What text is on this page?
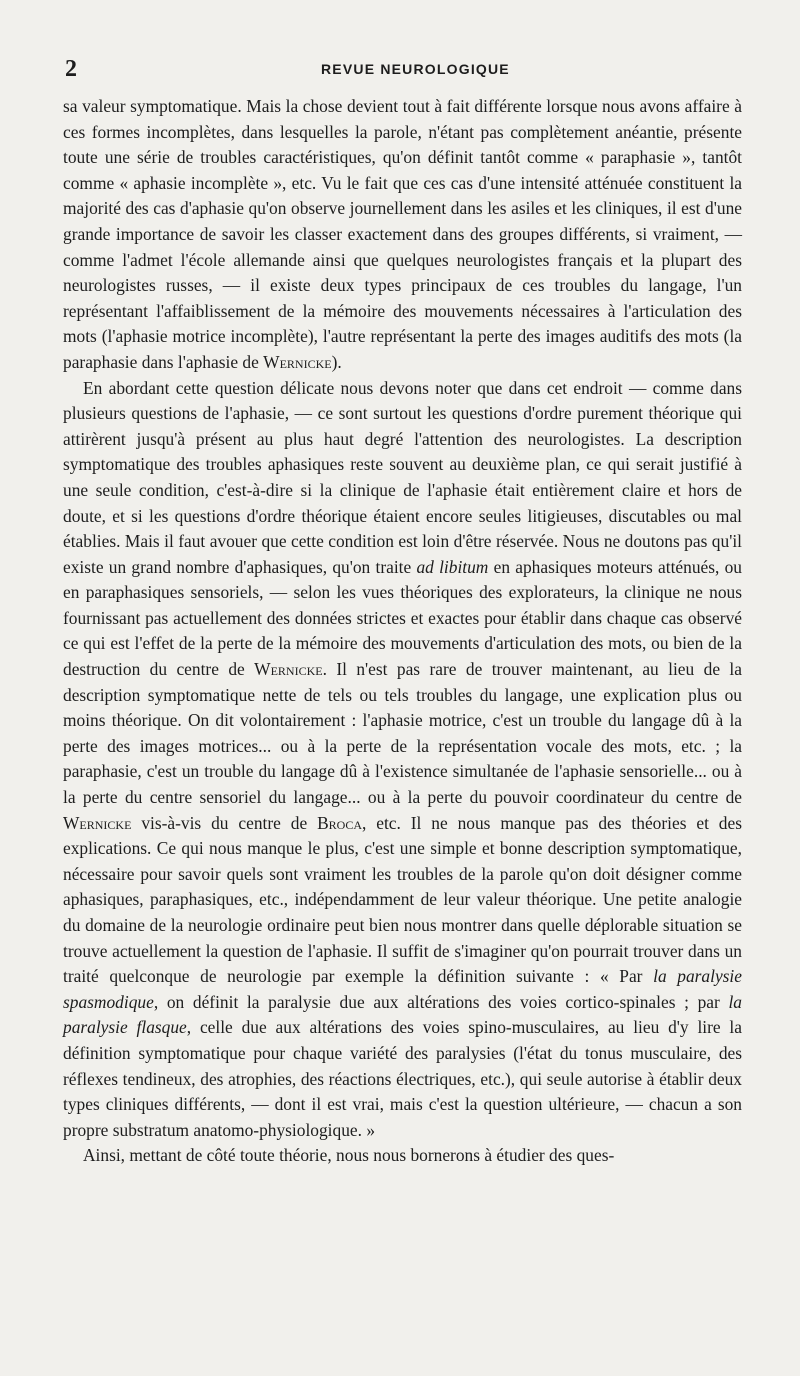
2	REVUE NEUROLOGIQUE

sa valeur symptomatique. Mais la chose devient tout à fait différente lorsque nous avons affaire à ces formes incomplètes, dans lesquelles la parole, n'étant pas complètement anéantie, présente toute une série de troubles caractéristiques, qu'on définit tantôt comme « paraphasie », tantôt comme « aphasie incomplète », etc. Vu le fait que ces cas d'une intensité atténuée constituent la majorité des cas d'aphasie qu'on observe journellement dans les asiles et les cliniques, il est d'une grande importance de savoir les classer exactement dans des groupes différents, si vraiment, — comme l'admet l'école allemande ainsi que quelques neurologistes français et la plupart des neurologistes russes, — il existe deux types principaux de ces troubles du langage, l'un représentant l'affaiblissement de la mémoire des mouvements nécessaires à l'articulation des mots (l'aphasie motrice incomplète), l'autre représentant la perte des images auditifs des mots (la paraphasie dans l'aphasie de Wernicke).

En abordant cette question délicate nous devons noter que dans cet endroit — comme dans plusieurs questions de l'aphasie, — ce sont surtout les questions d'ordre purement théorique qui attirèrent jusqu'à présent au plus haut degré l'attention des neurologistes. La description symptomatique des troubles aphasiques reste souvent au deuxième plan, ce qui serait justifié à une seule condition, c'est-à-dire si la clinique de l'aphasie était entièrement claire et hors de doute, et si les questions d'ordre théorique étaient encore seules litigieuses, discutables ou mal établies. Mais il faut avouer que cette condition est loin d'être réservée. Nous ne doutons pas qu'il existe un grand nombre d'aphasiques, qu'on traite ad libitum en aphasiques moteurs atténués, ou en paraphasiques sensoriels, — selon les vues théoriques des explorateurs, la clinique ne nous fournissant pas actuellement des données strictes et exactes pour établir dans chaque cas observé ce qui est l'effet de la perte de la mémoire des mouvements d'articulation des mots, ou bien de la destruction du centre de Wernicke. Il n'est pas rare de trouver maintenant, au lieu de la description symptomatique nette de tels ou tels troubles du langage, une explication plus ou moins théorique. On dit volontairement : l'aphasie motrice, c'est un trouble du langage dû à la perte des images motrices... ou à la perte de la représentation vocale des mots, etc. ; la paraphasie, c'est un trouble du langage dû à l'existence simultanée de l'aphasie sensorielle... ou à la perte du centre sensoriel du langage... ou à la perte du pouvoir coordinateur du centre de Wernicke vis-à-vis du centre de Broca, etc. Il ne nous manque pas des théories et des explications. Ce qui nous manque le plus, c'est une simple et bonne description symptomatique, nécessaire pour savoir quels sont vraiment les troubles de la parole qu'on doit désigner comme aphasiques, paraphasiques, etc., indépendamment de leur valeur théorique. Une petite analogie du domaine de la neurologie ordinaire peut bien nous montrer dans quelle déplorable situation se trouve actuellement la question de l'aphasie. Il suffit de s'imaginer qu'on pourrait trouver dans un traité quelconque de neurologie par exemple la définition suivante : « Par la paralysie spasmodique, on définit la paralysie due aux altérations des voies cortico-spinales ; par la paralysie flasque, celle due aux altérations des voies spino-musculaires, au lieu d'y lire la définition symptomatique pour chaque variété des paralysies (l'état du tonus musculaire, des réflexes tendineux, des atrophies, des réactions électriques, etc.), qui seule autorise à établir deux types cliniques différents, — dont il est vrai, mais c'est la question ultérieure, — chacun a son propre substratum anatomo-physiologique. »

Ainsi, mettant de côté toute théorie, nous nous bornerons à étudier des ques-
